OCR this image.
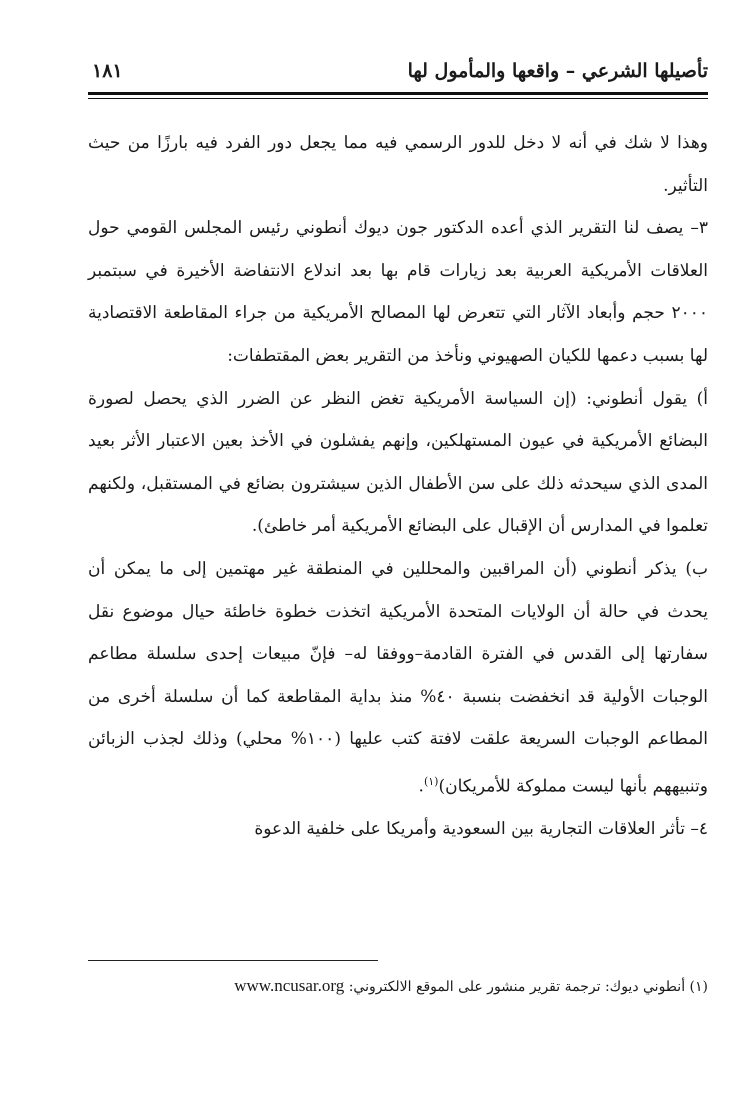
تأصيلها الشرعي – واقعها والمأمول لها
١٨١

وهذا لا شك في أنه لا دخل للدور الرسمي فيه مما يجعل دور الفرد فيه بارزًا من حيث التأثير.

٣– يصف لنا التقرير الذي أعده الدكتور جون ديوك أنطوني رئيس المجلس القومي حول العلاقات الأمريكية العربية بعد زيارات قام بها بعد اندلاع الانتفاضة الأخيرة في سبتمبر ٢٠٠٠ حجم وأبعاد الآثار التي تتعرض لها المصالح الأمريكية من جراء المقاطعة الاقتصادية لها بسبب دعمها للكيان الصهيوني ونأخذ من التقرير بعض المقتطفات:

أ) يقول أنطوني: (إن السياسة الأمريكية تغض النظر عن الضرر الذي يحصل لصورة البضائع الأمريكية في عيون المستهلكين، وإنهم يفشلون في الأخذ بعين الاعتبار الأثر بعيد المدى الذي سيحدثه ذلك على سن الأطفال الذين سيشترون بضائع في المستقبل، ولكنهم تعلموا في المدارس أن الإقبال على البضائع الأمريكية أمر خاطئ).

ب) يذكر أنطوني (أن المراقبين والمحللين في المنطقة غير مهتمين إلى ما يمكن أن يحدث في حالة أن الولايات المتحدة الأمريكية اتخذت خطوة خاطئة حيال موضوع نقل سفارتها إلى القدس في الفترة القادمة–ووفقا له– فإنّ مبيعات إحدى سلسلة مطاعم الوجبات الأولية قد انخفضت بنسبة ٤٠% منذ بداية المقاطعة كما أن سلسلة أخرى من المطاعم الوجبات السريعة علقت لافتة كتب عليها (١٠٠% محلي) وذلك لجذب الزبائن وتنبيههم بأنها ليست مملوكة للأمريكان)$^{(١)}$.

٤– تأثر العلاقات التجارية بين السعودية وأمريكا على خلفية الدعوة

(١) أنطوني ديوك: ترجمة تقرير منشور على الموقع الالكتروني: www.ncusar.org
